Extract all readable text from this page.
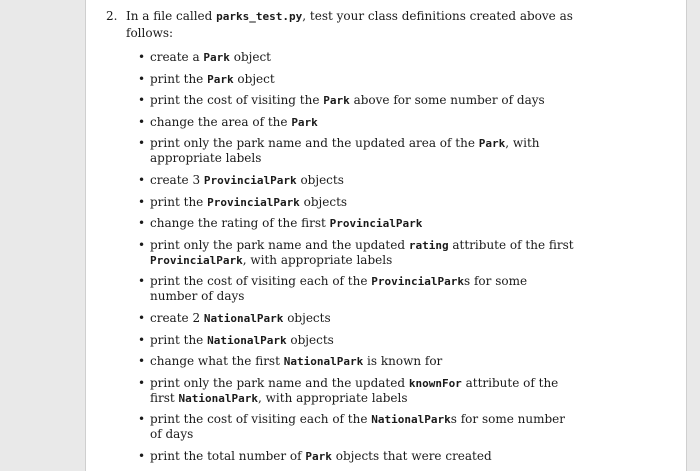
2. In a file called parks_test.py, test your class definitions created above as follows:
• create a Park object
• print the Park object
• print the cost of visiting the Park above for some number of days
• change the area of the Park
• print only the park name and the updated area of the Park, with appropriate labels
• create 3 ProvincialPark objects
• print the ProvincialPark objects
• change the rating of the first ProvincialPark
• print only the park name and the updated rating attribute of the first ProvincialPark, with appropriate labels
• print the cost of visiting each of the ProvincialParks for some number of days
• create 2 NationalPark objects
• print the NationalPark objects
• change what the first NationalPark is known for
• print only the park name and the updated knownFor attribute of the first NationalPark, with appropriate labels
• print the cost of visiting each of the NationalParks for some number of days
• print the total number of Park objects that were created
